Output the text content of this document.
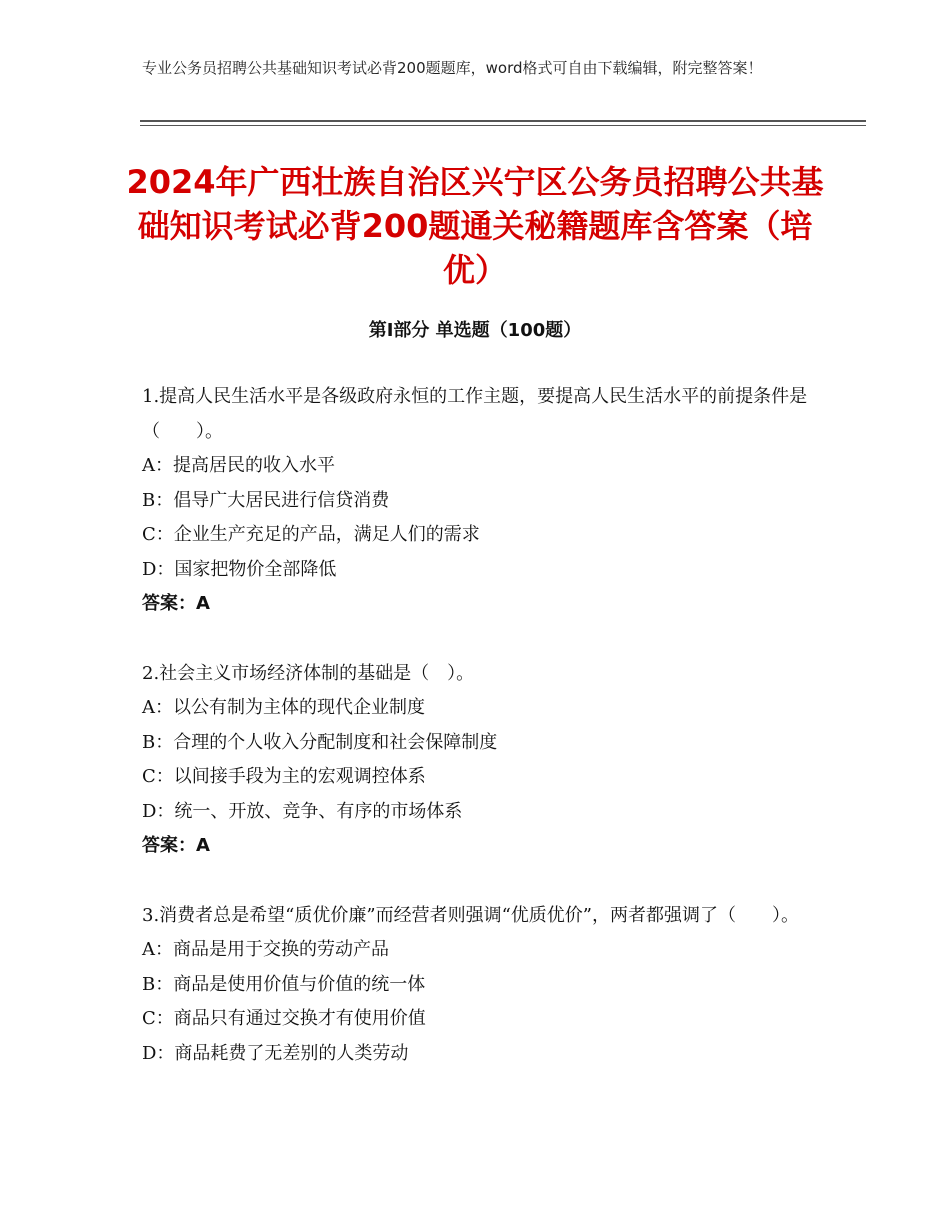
专业公务员招聘公共基础知识考试必背200题题库，word格式可自由下载编辑，附完整答案！
2024年广西壮族自治区兴宁区公务员招聘公共基础知识考试必背200题通关秘籍题库含答案（培优）
第Ⅰ部分 单选题（100题）
1.提高人民生活水平是各级政府永恒的工作主题，要提高人民生活水平的前提条件是（　　）。
A：提高居民的收入水平
B：倡导广大居民进行信贷消费
C：企业生产充足的产品，满足人们的需求
D：国家把物价全部降低
答案：A
2.社会主义市场经济体制的基础是（　）。
A：以公有制为主体的现代企业制度
B：合理的个人收入分配制度和社会保障制度
C：以间接手段为主的宏观调控体系
D：统一、开放、竞争、有序的市场体系
答案：A
3.消费者总是希望“质优价廉”而经营者则强调“优质优价”，两者都强调了（　　）。
A：商品是用于交换的劳动产品
B：商品是使用价值与价值的统一体
C：商品只有通过交换才有使用价值
D：商品耗费了无差别的人类劳动
